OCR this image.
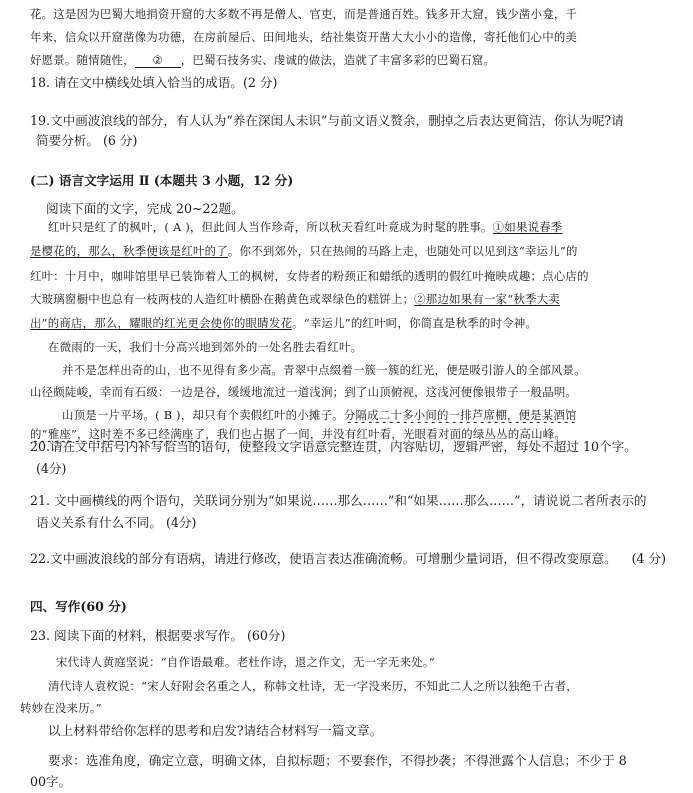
花。这是因为巴蜀大地捐资开窟的大多数不再是僧人、官吏，而是普通百姓。钱多开大窟，钱少凿小龛，千
年来，信众以开窟凿像为功德，在房前屋后、田间地头，结社集资开凿大大小小的造像，寄托他们心中的美
好愿景。随情随性， ② ，巴蜀石技务实、虔诚的做法，造就了丰富多彩的巴蜀石窟。
18. 请在文中横线处填入恰当的成语。(2 分)
19.文中画波浪线的部分，有人认为“养在深闺人未识”与前文语义赘余，删掉之后表达更简洁，你认为呢?请
简要分析。 (6 分)
(二) 语言文字运用 Ⅱ (本题共 3 小题，12 分)
阅读下面的文字，完成 20~22题。
红叶只是红了的枫叶，( A )，但此间人当作珍奇，所以秋天看红叶竟成为时髦的胜事。①如果说春季
是樱花的，那么，秋季便该是红叶的了。你不到郊外，只在热闹的马路上走，也随处可以见到这“幸运儿”的
红叶：十月中，咖啡馆里早已装饰着人工的枫树，女侍者的粉颈正和蜡纸的透明的假红叶掩映成趣；点心店的
大玻璃窗橱中也总有一枝两枝的人造红叶横卧在鹅黄色或翠绿色的糕饼上；②那边如果有一家“秋季大卖
出”的商店，那么，耀眼的红光更会使你的眼睛发花。“幸运儿”的红叶呵，你简直是秋季的时令神。
在微雨的一天，我们十分高兴地到郊外的一处名胜去看红叶。
并不是怎样出奇的山，也不见得有多少高。青翠中点缀着一簇一簇的红光，便是吸引游人的全部风景。
山径颇陡峻，幸而有石级：一边是谷，缓缓地流过一道浅涧；到了山顶俯视，这浅河便像银带子一般晶明。
山顶是一片平场。( B )，却只有个卖假红叶的小摊子。分隔成二十多小间的一排芦席棚，便是某酒馆
的“雅座”，这时差不多已经满座了，我们也占据了一间，并没有红叶看，光眼看对面的绿丛丛的高山峰。
20.请在文中括号内补写恰当的语句，使整段文字语意完整连贯，内容贴切，逻辑严密，每处不超过 10个字。
(4分)
21. 文中画横线的两个语句，关联词分别为“如果说……那么……”和“如果……那么……”，请说说二者所表示的
语义关系有什么不同。 (4分)
22.文中画波浪线的部分有语病，请进行修改，使语言表达准确流畅。可增删少量词语，但不得改变原意。 (4 分)
四、写作(60 分)
23. 阅读下面的材料，根据要求写作。 (60分)
宋代诗人黄庭坚说：“自作语最难。老杜作诗，退之作文，无一字无来处。”
清代诗人袁枚说：“宋人好附会名重之人，称韩文杜诗，无一字没来历，不知此二人之所以独绝千古者，
转妙在没来历。”
以上材料带给你怎样的思考和启发?请结合材料写一篇文章。
要求：选准角度，确定立意，明确文体，自拟标题；不要套作，不得抄袭；不得泄露个人信息；不少于 8
00字。
